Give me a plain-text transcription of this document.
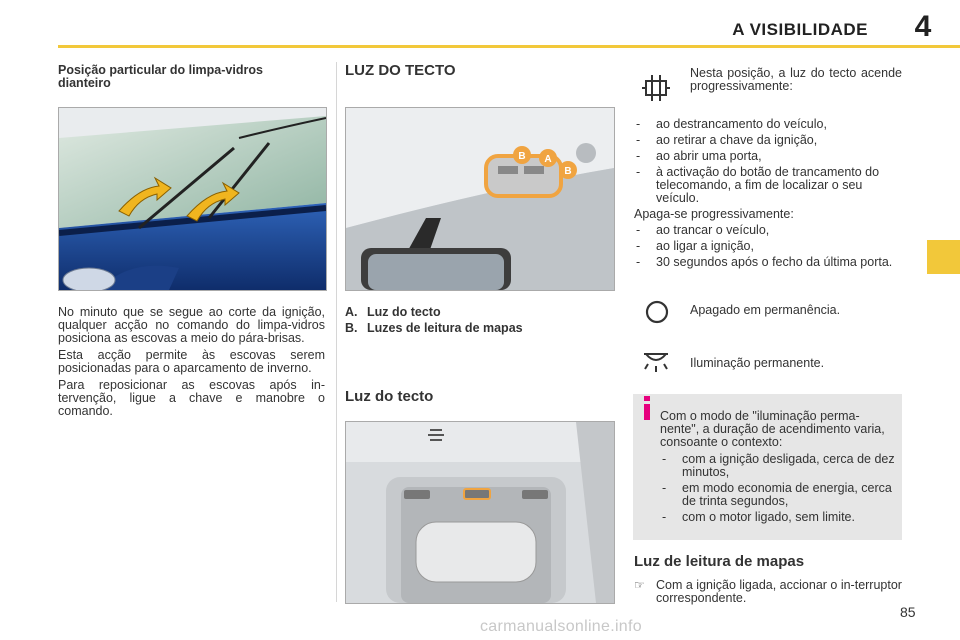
A VISIBILIDADE	4
Posição particular do limpa-vidros dianteiro

No minuto que se segue ao corte da ignição, qualquer acção no comando do limpa-vidros posiciona as escovas a meio do pára-brisas.

Esta acção permite às escovas serem posicionadas para o aparcamento de inverno.

Para reposicionar as escovas após in-tervenção, ligue a chave e manobre o comando.

LUZ DO TECTO
B A
B
A. Luz do tecto
B. Luzes de leitura de mapas
Luz do tecto
Nesta posição, a luz do tecto acende progressivamente:
- ao destrancamento do veículo,
- ao retirar a chave da ignição,
- ao abrir uma porta,
- à activação do botão de trancamento do telecomando, a fim de localizar o seu veículo.
Apaga-se progressivamente:
- ao trancar o veículo,
- ao ligar a ignição,
- 30 segundos após o fecho da última porta.
Apagado em permanência.
Iluminação permanente.
Com o modo de "iluminação perma-nente", a duração de acendimento varia, consoante o contexto:
- com a ignição desligada, cerca de dez minutos,
- em modo economia de energia, cerca de trinta segundos,
- com o motor ligado, sem limite.
Luz de leitura de mapas
☞ Com a ignição ligada, accionar o in-terruptor correspondente.
carmanualsonline.info
85
